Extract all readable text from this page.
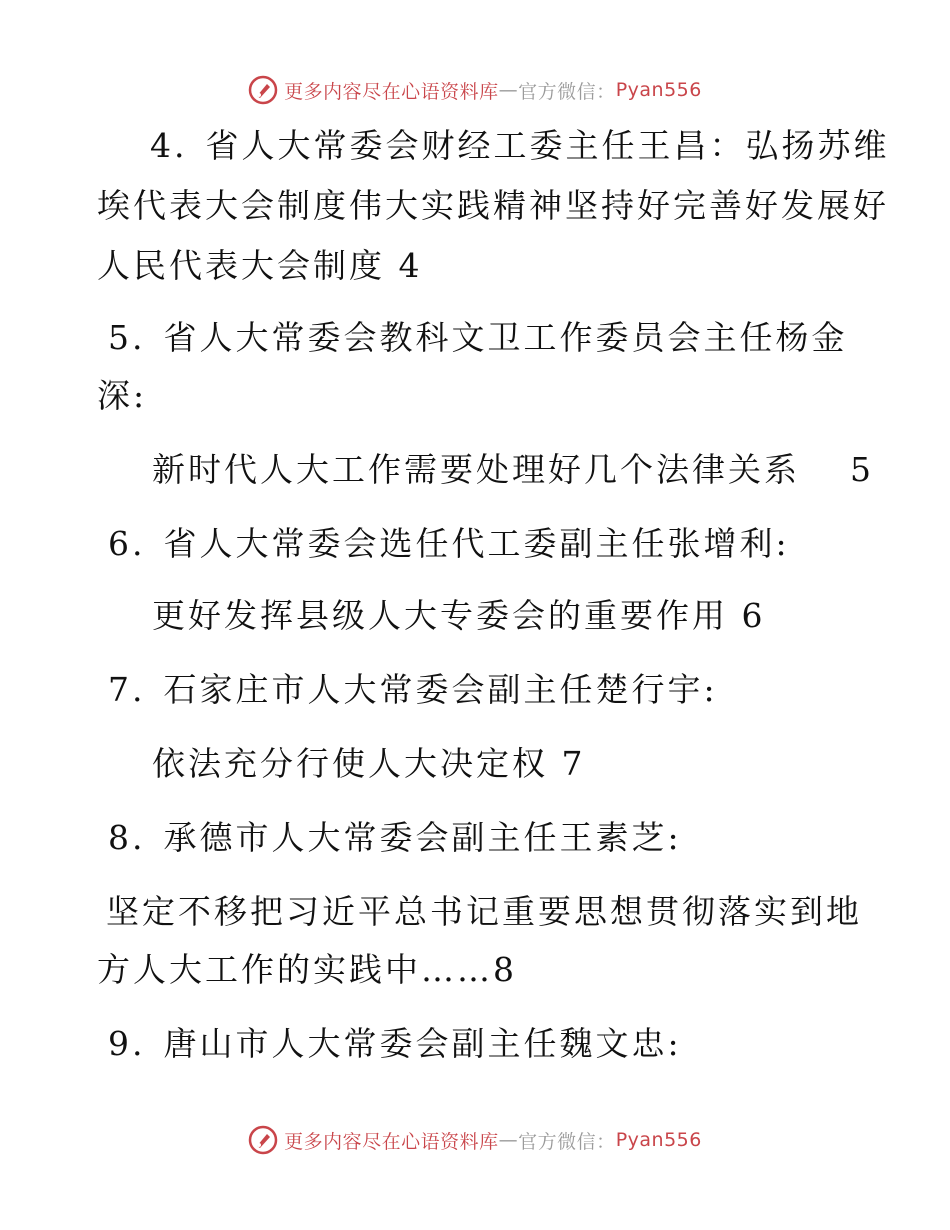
更多内容尽在心语资料库 — 官方微信： Pyan556
4. 省人大常委会财经工委主任王昌：弘扬苏维
埃代表大会制度伟大实践精神坚持好完善好发展好
人民代表大会制度 4
5. 省人大常委会教科文卫工作委员会主任杨金
深:
新时代人大工作需要处理好几个法律关系 5
6. 省人大常委会选任代工委副主任张增利:
更好发挥县级人大专委会的重要作用 6
7. 石家庄市人大常委会副主任楚行宇:
依法充分行使人大决定权 7
8. 承德市人大常委会副主任王素芝:
坚定不移把习近平总书记重要思想贯彻落实到地
方人大工作的实践中……8
9. 唐山市人大常委会副主任魏文忠:
更多内容尽在心语资料库 — 官方微信： Pyan556
